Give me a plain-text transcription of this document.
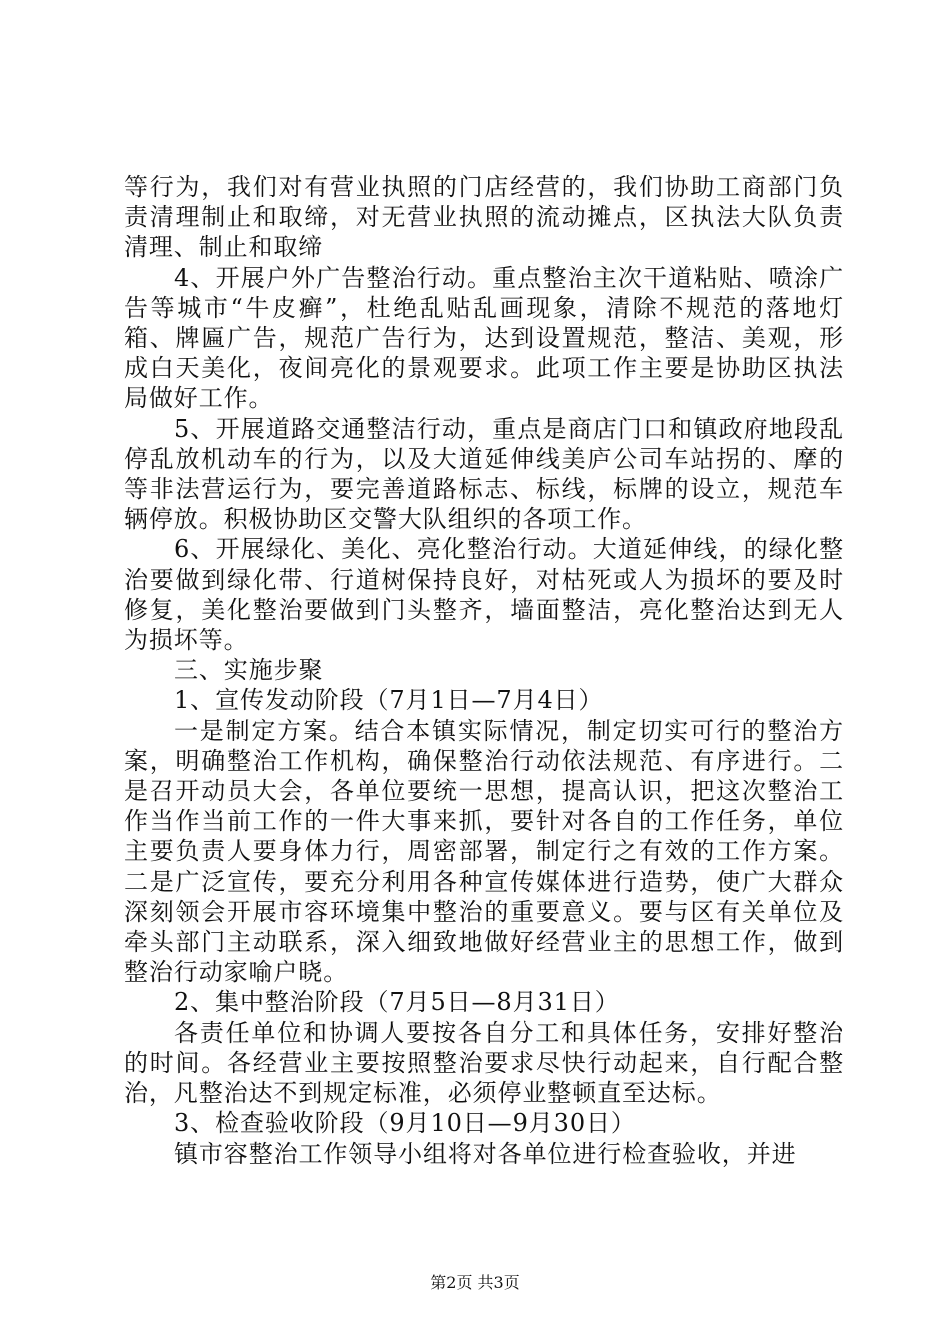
等行为，我们对有营业执照的门店经营的，我们协助工商部门负责清理制止和取缔，对无营业执照的流动摊点，区执法大队负责清理、制止和取缔

4、开展户外广告整治行动。重点整治主次干道粘贴、喷涂广告等城市“牛皮癣”，杜绝乱贴乱画现象，清除不规范的落地灯箱、牌匾广告，规范广告行为，达到设置规范，整洁、美观，形成白天美化，夜间亮化的景观要求。此项工作主要是协助区执法局做好工作。

5、开展道路交通整洁行动，重点是商店门口和镇政府地段乱停乱放机动车的行为，以及大道延伸线美庐公司车站拐的、摩的等非法营运行为，要完善道路标志、标线，标牌的设立，规范车辆停放。积极协助区交警大队组织的各项工作。

6、开展绿化、美化、亮化整治行动。大道延伸线，的绿化整治要做到绿化带、行道树保持良好，对枯死或人为损坏的要及时修复，美化整治要做到门头整齐，墙面整洁，亮化整治达到无人为损坏等。

三、实施步聚

1、宣传发动阶段（7月1日—7月4日）

一是制定方案。结合本镇实际情况，制定切实可行的整治方案，明确整治工作机构，确保整治行动依法规范、有序进行。二是召开动员大会，各单位要统一思想，提高认识，把这次整治工作当作当前工作的一件大事来抓，要针对各自的工作任务，单位主要负责人要身体力行，周密部署，制定行之有效的工作方案。二是广泛宣传，要充分利用各种宣传媒体进行造势，使广大群众深刻领会开展市容环境集中整治的重要意义。要与区有关单位及牵头部门主动联系，深入细致地做好经营业主的思想工作，做到整治行动家喻户晓。

2、集中整治阶段（7月5日—8月31日）

各责任单位和协调人要按各自分工和具体任务，安排好整治的时间。各经营业主要按照整治要求尽快行动起来，自行配合整治，凡整治达不到规定标准，必须停业整顿直至达标。

3、检查验收阶段（9月10日—9月30日）

镇市容整治工作领导小组将对各单位进行检查验收，并进

第2页 共3页
